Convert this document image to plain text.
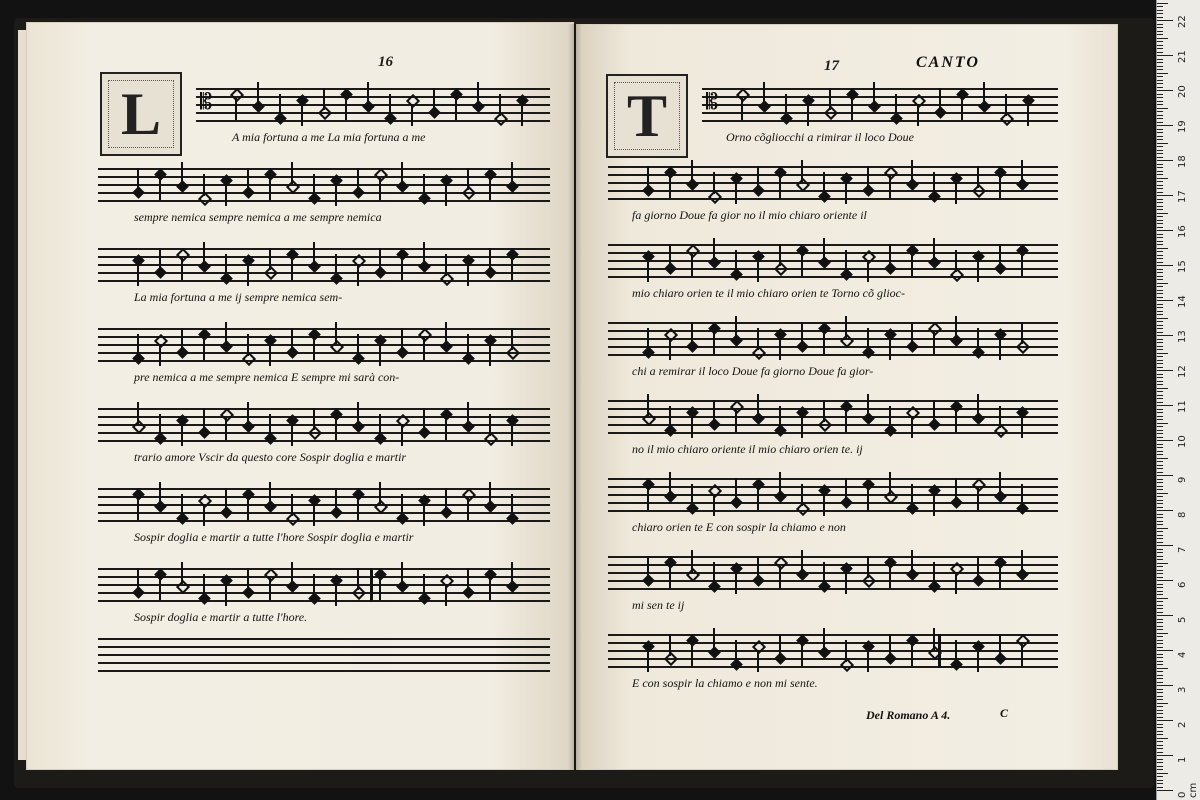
16
L 𝄡
A mia fortuna a me La mia fortuna a me
sempre nemica sempre nemica a me sempre nemica
La mia fortuna a me ij sempre nemica sem-
pre nemica a me sempre nemica E sempre mi sarà con-
trario amore Vscir da questo core Sospir doglia e martir
Sospir doglia e martir a tutte l'hore Sospir doglia e martir
Sospir doglia e martir a tutte l'hore.
17	CANTO
T 𝄡
Orno cõgliocchi a rimirar il loco Doue
fa giorno Doue fa gior no il mio chiaro oriente il
mio chiaro orien te il mio chiaro orien te Torno cõ glioc-
chi a remirar il loco Doue fa giorno Doue fa gior-
no il mio chiaro oriente il mio chiaro orien te. ij
chiaro orien te E con sospir la chiamo e non
mi sen te ij
E con sospir la chiamo e non mi sente.
Del Romano A 4.	C
0 cm
1
2
3
4
5
6
7
8
9
10
11
12
13
14
15
16
17
18
19
20
21
22
